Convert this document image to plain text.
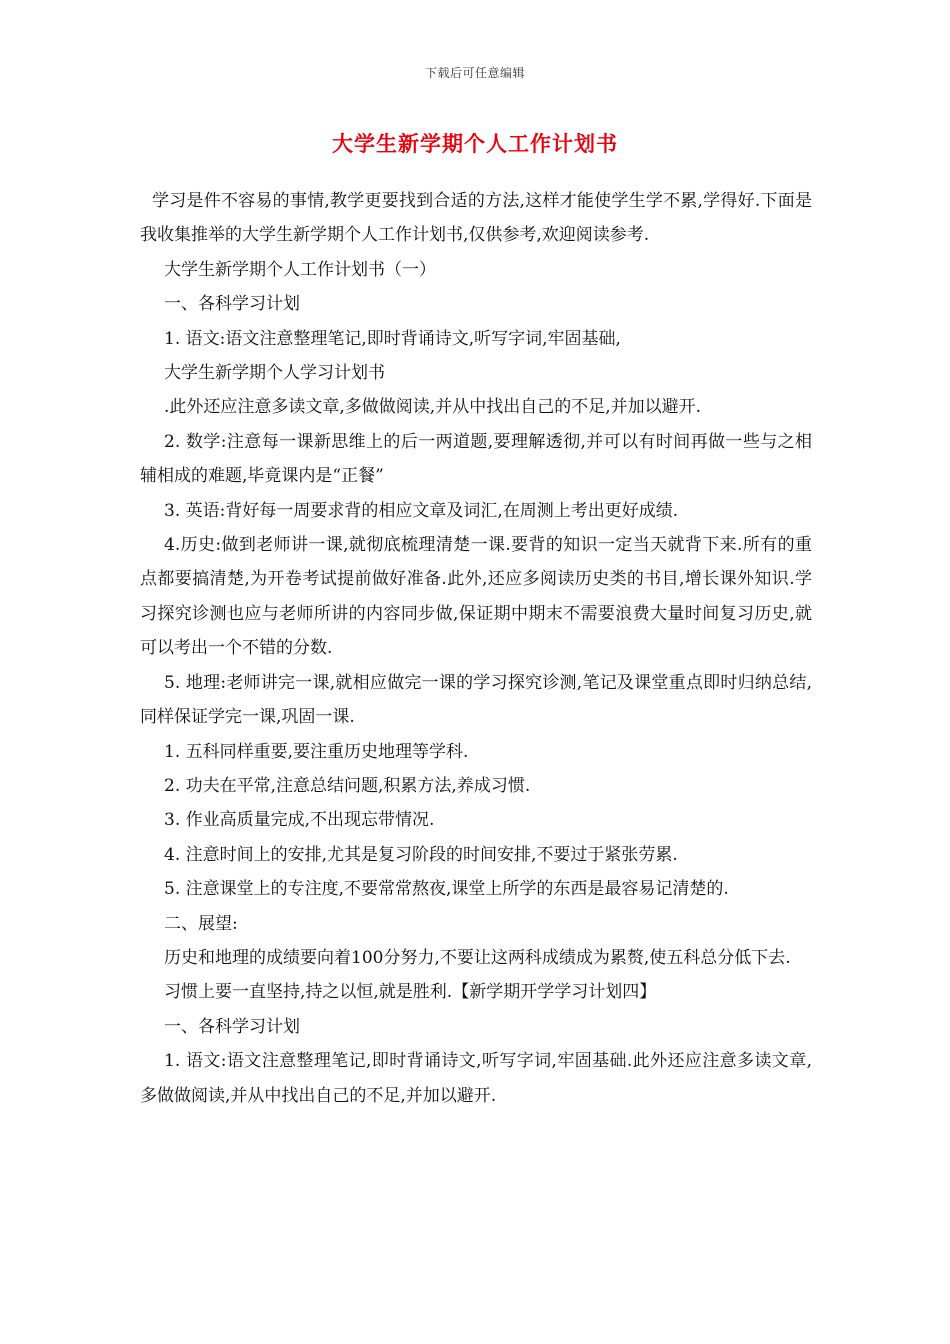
下载后可任意编辑
大学生新学期个人工作计划书

学习是件不容易的事情,教学更要找到合适的方法,这样才能使学生学不累,学得好.下面是我收集推举的大学生新学期个人工作计划书,仅供参考,欢迎阅读参考.

大学生新学期个人工作计划书（一）

一、各科学习计划

1. 语文:语文注意整理笔记,即时背诵诗文,听写字词,牢固基础,

大学生新学期个人学习计划书

.此外还应注意多读文章,多做做阅读,并从中找出自己的不足,并加以避开.

2. 数学:注意每一课新思维上的后一两道题,要理解透彻,并可以有时间再做一些与之相辅相成的难题,毕竟课内是“正餐”

3. 英语:背好每一周要求背的相应文章及词汇,在周测上考出更好成绩.

4.历史:做到老师讲一课,就彻底梳理清楚一课.要背的知识一定当天就背下来.所有的重点都要搞清楚,为开卷考试提前做好准备.此外,还应多阅读历史类的书目,增长课外知识.学习探究诊测也应与老师所讲的内容同步做,保证期中期末不需要浪费大量时间复习历史,就可以考出一个不错的分数.

5. 地理:老师讲完一课,就相应做完一课的学习探究诊测,笔记及课堂重点即时归纳总结,同样保证学完一课,巩固一课.

1. 五科同样重要,要注重历史地理等学科.

2. 功夫在平常,注意总结问题,积累方法,养成习惯.

3. 作业高质量完成,不出现忘带情况.

4. 注意时间上的安排,尤其是复习阶段的时间安排,不要过于紧张劳累.

5. 注意课堂上的专注度,不要常常熬夜,课堂上所学的东西是最容易记清楚的.

二、展望:

历史和地理的成绩要向着100分努力,不要让这两科成绩成为累赘,使五科总分低下去.

习惯上要一直坚持,持之以恒,就是胜利.【新学期开学学习计划四】

一、各科学习计划

1. 语文:语文注意整理笔记,即时背诵诗文,听写字词,牢固基础.此外还应注意多读文章,多做做阅读,并从中找出自己的不足,并加以避开.
